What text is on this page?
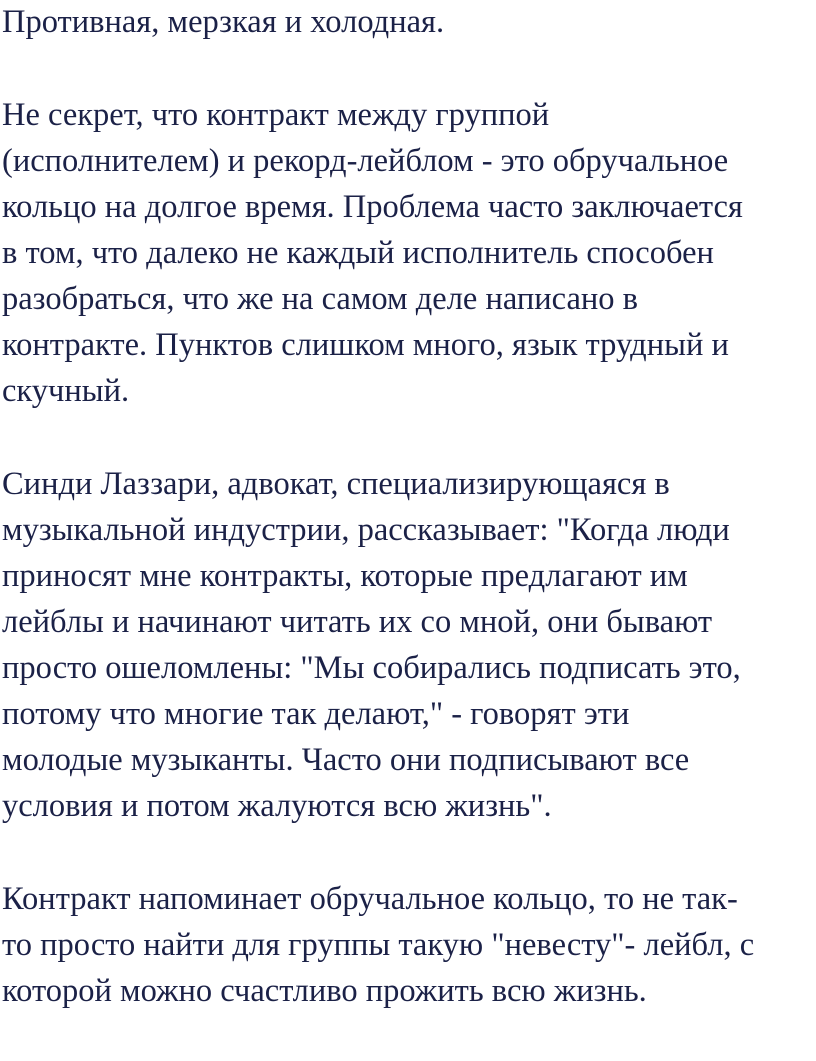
Противная, мерзкая и холодная.

Не секрет, что контракт между группой

(исполнителем) и рекорд-лейблом - это обручальное

кольцо на долгое время. Проблема часто заключается

в том, что далеко не каждый исполнитель способен

разобраться, что же на самом деле написано в

контракте. Пунктов слишком много, язык трудный и

скучный.

Синди Лаззари, адвокат, специализирующаяся в

музыкальной индустрии, рассказывает: "Когда люди

приносят мне контракты, которые предлагают им

лейблы и начинают читать их со мной, они бывают

просто ошеломлены: "Мы собирались подписать это,

потому что многие так делают," - говорят эти

молодые музыканты. Часто они подписывают все

условия и потом жалуются всю жизнь".

Контракт напоминает обручальное кольцо, то не так-

то просто найти для группы такую "невесту"- лейбл, с

которой можно счастливо прожить всю жизнь.
